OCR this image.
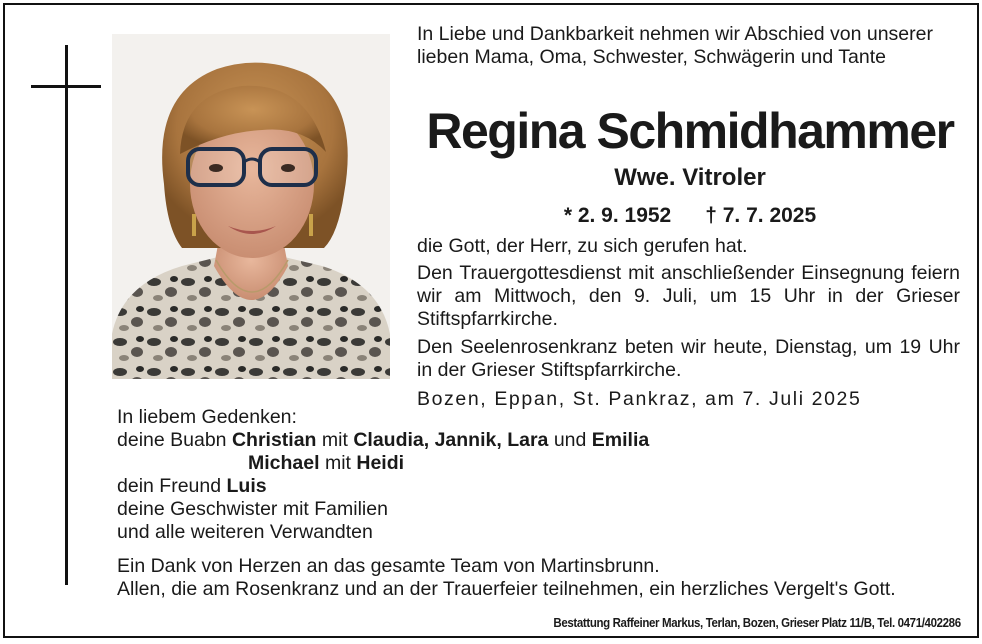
In Liebe und Dankbarkeit nehmen wir Abschied von unserer lieben Mama, Oma, Schwester, Schwägerin und Tante

Regina Schmidhammer
Wwe. Vitroler
* 2. 9. 1952 † 7. 7. 2025

die Gott, der Herr, zu sich gerufen hat.

Den Trauergottesdienst mit anschließender Einsegnung feiern wir am Mittwoch, den 9. Juli, um 15 Uhr in der Grieser Stiftspfarrkirche.

Den Seelenrosenkranz beten wir heute, Dienstag, um 19 Uhr in der Grieser Stiftspfarrkirche.

Bozen, Eppan, St. Pankraz, am 7. Juli 2025

In liebem Gedenken:
deine Buabn Christian mit Claudia, Jannik, Lara und Emilia
Michael mit Heidi
dein Freund Luis
deine Geschwister mit Familien
und alle weiteren Verwandten
Ein Dank von Herzen an das gesamte Team von Martinsbrunn.
Allen, die am Rosenkranz und an der Trauerfeier teilnehmen, ein herzliches Vergelt's Gott.
Bestattung Raffeiner Markus, Terlan, Bozen, Grieser Platz 11/B, Tel. 0471/402286
